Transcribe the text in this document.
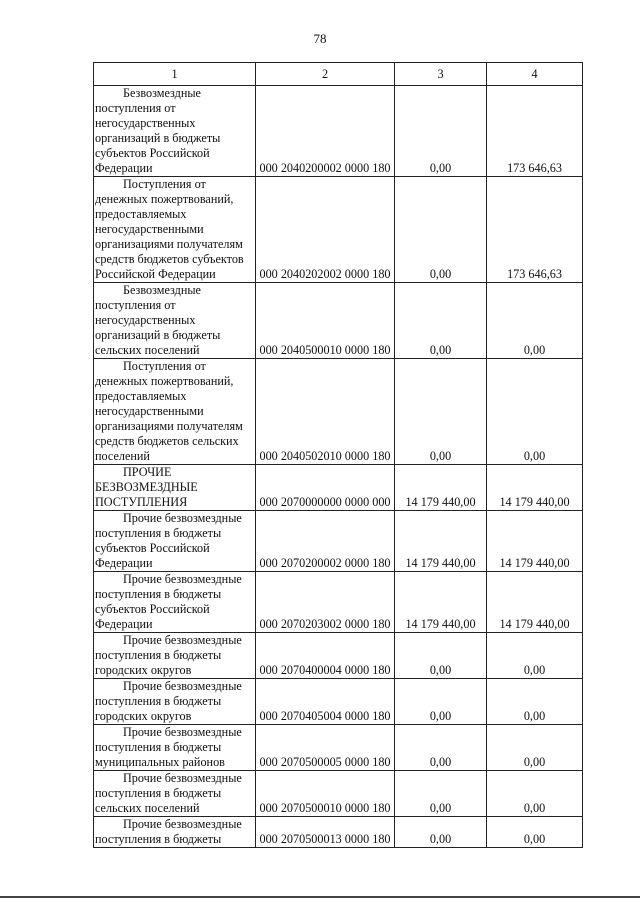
78
1	2	3	4

Безвозмездные поступления от негосударственных организаций в бюджеты субъектов Российской Федерации	000 2040200002 0000 180	0,00	173 646,63

Поступления от денежных пожертвований, предоставляемых негосударственными организациями получателям средств бюджетов субъектов Российской Федерации	000 2040202002 0000 180	0,00	173 646,63

Безвозмездные поступления от негосударственных организаций в бюджеты сельских поселений	000 2040500010 0000 180	0,00	0,00

Поступления от денежных пожертвований, предоставляемых негосударственными организациями получателям средств бюджетов сельских поселений	000 2040502010 0000 180	0,00	0,00

ПРОЧИЕ БЕЗВОЗМЕЗДНЫЕ ПОСТУПЛЕНИЯ	000 2070000000 0000 000	14 179 440,00	14 179 440,00

Прочие безвозмездные поступления в бюджеты субъектов Российской Федерации	000 2070200002 0000 180	14 179 440,00	14 179 440,00

Прочие безвозмездные поступления в бюджеты субъектов Российской Федерации	000 2070203002 0000 180	14 179 440,00	14 179 440,00

Прочие безвозмездные поступления в бюджеты городских округов	000 2070400004 0000 180	0,00	0,00

Прочие безвозмездные поступления в бюджеты городских округов	000 2070405004 0000 180	0,00	0,00

Прочие безвозмездные поступления в бюджеты муниципальных районов	000 2070500005 0000 180	0,00	0,00

Прочие безвозмездные поступления в бюджеты сельских поселений	000 2070500010 0000 180	0,00	0,00

Прочие безвозмездные поступления в бюджеты	000 2070500013 0000 180	0,00	0,00
